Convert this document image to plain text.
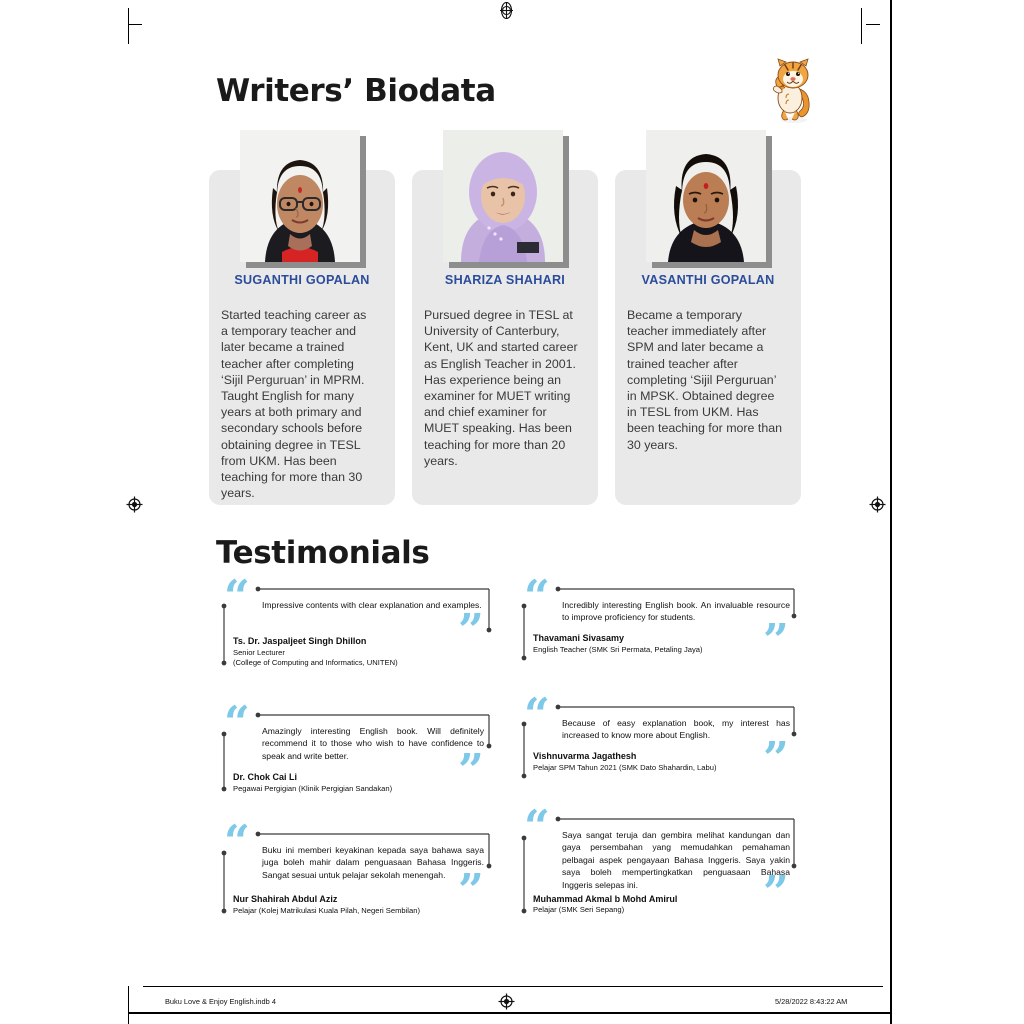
Writers’ Biodata
SUGANTHI GOPALAN	SHARIZA SHAHARI	VASANTHI GOPALAN
Started teaching career as a temporary teacher and later became a trained teacher after completing ‘Sijil Perguruan’ in MPRM. Taught English for many years at both primary and secondary schools before obtaining degree in TESL from UKM. Has been teaching for more than 30 years.
Pursued degree in TESL at University of Canterbury, Kent, UK and started career as English Teacher in 2001. Has experience being an examiner for MUET writing and chief examiner for MUET speaking. Has been teaching for more than 20 years.
Became a temporary teacher immediately after SPM and later became a trained teacher after completing ‘Sijil Perguruan’ in MPSK. Obtained degree in TESL from UKM. Has been teaching for more than 30 years.
Testimonials
“
”
Impressive contents with clear explanation and examples.
Ts. Dr. Jaspaljeet Singh Dhillon
Senior Lecturer
(College of Computing and Informatics, UNITEN)
“
”
Incredibly interesting English book. An invaluable resource to improve proficiency for students.
Thavamani Sivasamy
English Teacher (SMK Sri Permata, Petaling Jaya)
“
”
Amazingly interesting English book. Will definitely recommend it to those who wish to have confidence to speak and write better.
Dr. Chok Cai Li
Pegawai Pergigian (Klinik Pergigian Sandakan)
“
”
Because of easy explanation book, my interest has increased to know more about English.
Vishnuvarma Jagathesh
Pelajar SPM Tahun 2021 (SMK Dato Shahardin, Labu)
“
”
Buku ini memberi keyakinan kepada saya bahawa saya juga boleh mahir dalam penguasaan Bahasa Inggeris. Sangat sesuai untuk pelajar sekolah menengah.
Nur Shahirah Abdul Aziz
Pelajar (Kolej Matrikulasi Kuala Pilah, Negeri Sembilan)
“
”
Saya sangat teruja dan gembira melihat kandungan dan gaya persembahan yang memudahkan pemahaman pelbagai aspek pengayaan Bahasa Inggeris. Saya yakin saya boleh mempertingkatkan penguasaan Bahasa Inggeris selepas ini.
Muhammad Akmal b Mohd Amirul
Pelajar (SMK Seri Sepang)
Buku Love & Enjoy English.indb 4	5/28/2022 8:43:22 AM
